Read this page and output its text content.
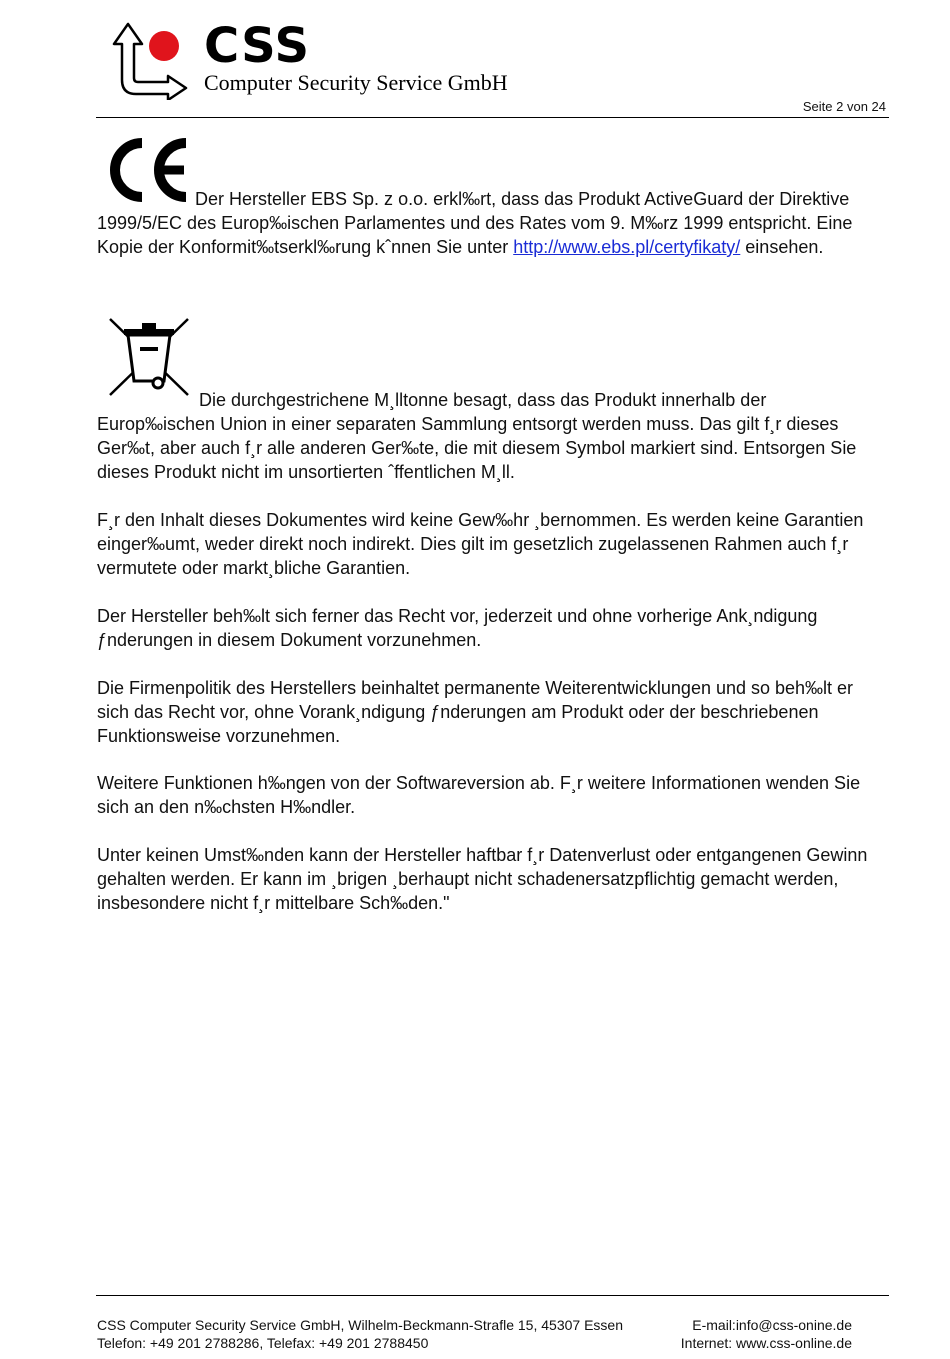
CSS
Computer Security Service GmbH
Seite 2 von 24
Der Hersteller EBS Sp. z o.o. erkl‰rt, dass das Produkt ActiveGuard der Direktive 1999/5/EC des Europ‰ischen Parlamentes und des Rates vom 9. M‰rz 1999 entspricht. Eine Kopie der Konformit‰tserkl‰rung kˆnnen Sie unter http://www.ebs.pl/certyfikaty/ einsehen.
Die durchgestrichene M¸lltonne besagt, dass das Produkt innerhalb der Europ‰ischen Union in einer separaten Sammlung entsorgt werden muss. Das gilt f¸r dieses Ger‰t, aber auch f¸r alle anderen Ger‰te, die mit diesem Symbol markiert sind. Entsorgen Sie dieses Produkt nicht im unsortierten ˆffentlichen M¸ll.
F¸r den Inhalt dieses Dokumentes wird keine Gew‰hr ¸bernommen. Es werden keine Garantien einger‰umt, weder direkt noch indirekt. Dies gilt im gesetzlich zugelassenen Rahmen auch f¸r vermutete oder markt¸bliche Garantien.
Der Hersteller beh‰lt sich ferner das Recht vor, jederzeit und ohne vorherige Ank¸ndigung ƒnderungen in diesem Dokument vorzunehmen.
Die Firmenpolitik des Herstellers beinhaltet permanente Weiterentwicklungen und so beh‰lt er sich das Recht vor, ohne Vorank¸ndigung ƒnderungen am Produkt oder der beschriebenen Funktionsweise vorzunehmen.
Weitere Funktionen h‰ngen von der Softwareversion ab. F¸r weitere Informationen wenden Sie sich an den n‰chsten H‰ndler.
Unter keinen Umst‰nden kann der Hersteller haftbar f¸r Datenverlust oder entgangenen Gewinn gehalten werden. Er kann im ¸brigen ¸berhaupt nicht schadenersatzpflichtig gemacht werden, insbesondere nicht f¸r mittelbare Sch‰den."
CSS Computer Security Service GmbH, Wilhelm-Beckmann-Strafle 15, 45307 Essen
Telefon: +49 201 2788286, Telefax: +49 201 2788450
E-mail:info@css-onine.de
Internet: www.css-online.de
